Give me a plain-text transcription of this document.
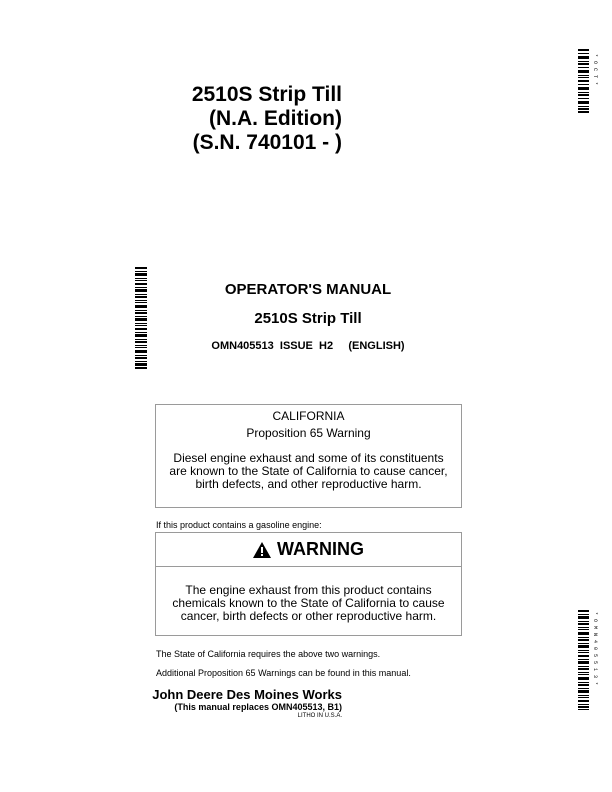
2510S Strip Till
(N.A. Edition)
(S.N. 740101 - )
*OCT*
OPERATOR'S MANUAL
2510S Strip Till
OMN405513  ISSUE  H2     (ENGLISH)
CALIFORNIA
Proposition 65 Warning
Diesel engine exhaust and some of its constituents are known to the State of California to cause cancer, birth defects, and other reproductive harm.
If this product contains a gasoline engine:
WARNING
The engine exhaust from this product contains chemicals known to the State of California to cause cancer, birth defects or other reproductive harm.
The State of California requires the above two warnings.
Additional Proposition 65 Warnings can be found in this manual.
John Deere Des Moines Works
(This manual replaces OMN405513, B1)
LITHO IN U.S.A.
*OMN405513*
